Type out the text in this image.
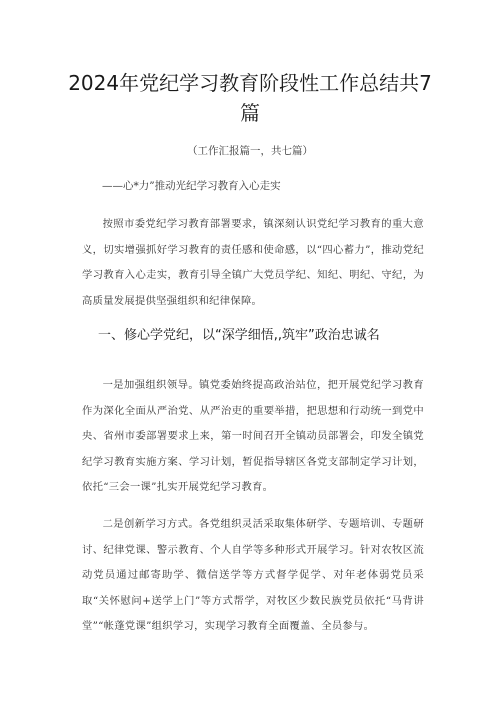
2024年党纪学习教育阶段性工作总结共7篇

（工作汇报篇一，共七篇）

——心*力”推动光纪学习教育入心走实

按照市委党纪学习教育部署要求，镇深刻认识党纪学习教育的重大意义，切实增强抓好学习教育的责任感和使命感，以“四心蓄力”，推动党纪学习教育入心走实，教育引导全镇广大党员学纪、知纪、明纪、守纪，为高质量发展提供坚强组织和纪律保障。

一、修心学党纪，以“深学细悟,,筑牢”政治忠诚名

一是加强组织领导。镇党委始终提高政治站位，把开展党纪学习教育作为深化全面从严治党、从严治吏的重要举措，把思想和行动统一到党中央、省州市委部署要求上来，第一时间召开全镇动员部署会，印发全镇党纪学习教育实施方案、学习计划，暂促指导辖区各党支部制定学习计划，依托“三会一课”扎实开展党纪学习教育。

二是创新学习方式。各党组织灵活采取集体研学、专题培训、专题研讨、纪律党课、警示教育、个人自学等多种形式开展学习。针对农牧区流动党员通过邮寄助学、微信送学等方式督学促学、对年老体弱党员采取“关怀慰问+送学上门”等方式帮学，对牧区少数民族党员依托“马背讲堂”“帐蓬党课”组织学习，实现学习教育全面覆盖、全员参与。
